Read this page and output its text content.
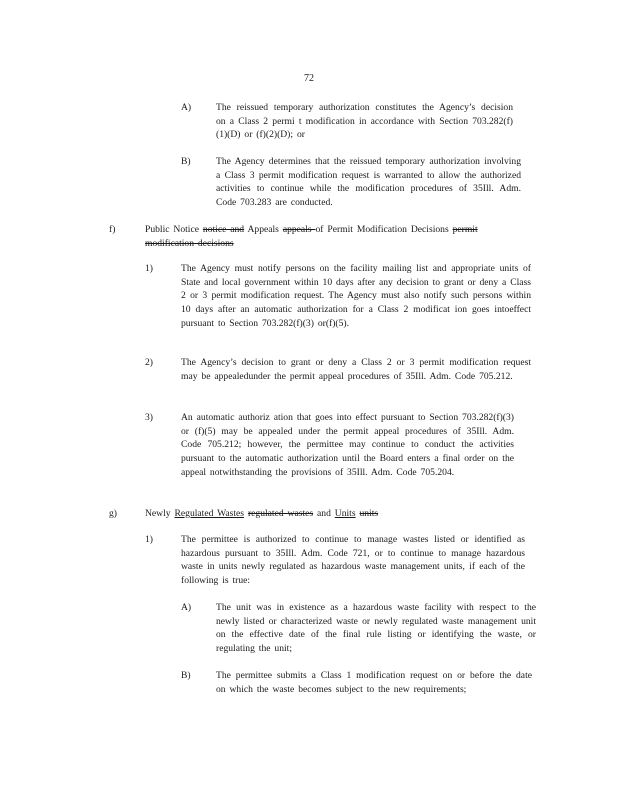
72
A)	The reissued temporary authorization constitutes the Agency’s decision on a Class 2 permi t modification in accordance with Section 703.282(f)(1)(D) or (f)(2)(D); or
B)	The Agency determines that the reissued temporary authorization involving a Class 3 permit modification request is warranted to allow the authorized activities to continue while the modification procedures of 35Ill. Adm. Code 703.283 are conducted.
f)	Public Notice notice and Appeals appeals of Permit Modification Decisions permit modification decisions
1)	The Agency must notify persons on the facility mailing list and appropriate units of State and local government within 10 days after any decision to grant or deny a Class 2 or 3 permit modification request. The Agency must also notify such persons within 10 days after an automatic authorization for a Class 2 modificat ion goes intoeffect pursuant to Section 703.282(f)(3) or(f)(5).
2)	The Agency’s decision to grant or deny a Class 2 or 3 permit modification request may be appealedunder the permit appeal procedures of 35Ill. Adm. Code 705.212.
3)	An automatic authoriz ation that goes into effect pursuant to Section 703.282(f)(3) or (f)(5) may be appealed under the permit appeal procedures of 35Ill. Adm. Code 705.212; however, the permittee may continue to conduct the activities pursuant to the automatic authorization until the Board enters a final order on the appeal notwithstanding the provisions of 35Ill. Adm. Code 705.204.
g)	Newly Regulated Wastes regulated wastes and Units units
1)	The permittee is authorized to continue to manage wastes listed or identified as hazardous pursuant to 35Ill. Adm. Code 721, or to continue to manage hazardous waste in units newly regulated as hazardous waste management units, if each of the following is true:
A)	The unit was in existence as a hazardous waste facility with respect to the newly listed or characterized waste or newly regulated waste management unit on the effective date of the final rule listing or identifying the waste, or regulating the unit;
B)	The permittee submits a Class 1 modification request on or before the date on which the waste becomes subject to the new requirements;
